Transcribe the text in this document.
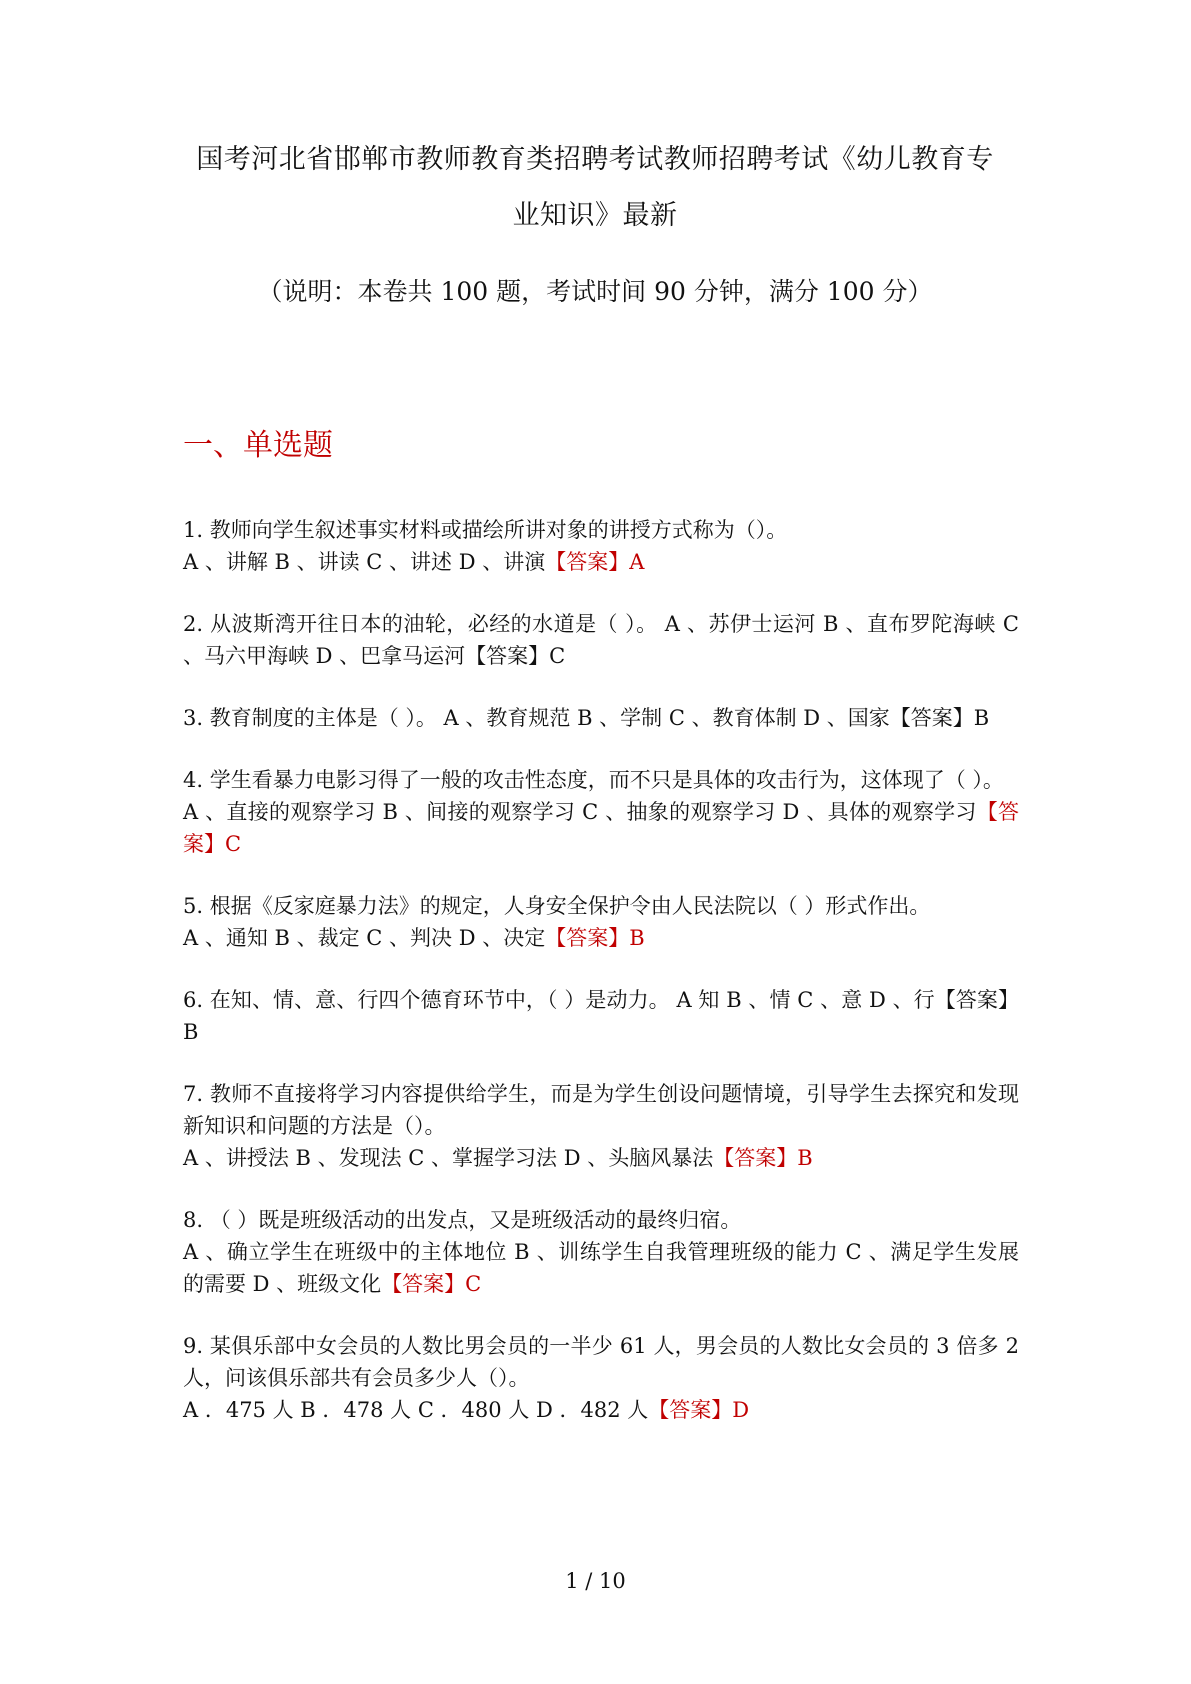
国考河北省邯郸市教师教育类招聘考试教师招聘考试《幼儿教育专
业知识》最新
（说明：本卷共 100 题，考试时间 90 分钟，满分 100 分）
一、单选题
1. 教师向学生叙述事实材料或描绘所讲对象的讲授方式称为（）。
A 、讲解 B 、讲读 C 、讲述 D 、讲演【答案】A
2. 从波斯湾开往日本的油轮，必经的水道是（ ）。 A 、苏伊士运河 B 、直布罗陀海峡 C 、马六甲海峡 D 、巴拿马运河【答案】C
3. 教育制度的主体是（ ）。 A 、教育规范 B 、学制 C 、教育体制 D 、国家【答案】B
4. 学生看暴力电影习得了一般的攻击性态度，而不只是具体的攻击行为，这体现了（ ）。
A 、直接的观察学习 B 、间接的观察学习 C 、抽象的观察学习 D 、具体的观察学习【答案】C
5. 根据《反家庭暴力法》的规定，人身安全保护令由人民法院以（ ）形式作出。
A 、通知 B 、裁定 C 、判决 D 、决定【答案】B
6. 在知、情、意、行四个德育环节中，（ ）是动力。 A 知 B 、情 C 、意 D 、行【答案】B
7. 教师不直接将学习内容提供给学生，而是为学生创设问题情境，引导学生去探究和发现新知识和问题的方法是（）。
A 、讲授法 B 、发现法 C 、掌握学习法 D 、头脑风暴法【答案】B
8. （ ）既是班级活动的出发点，又是班级活动的最终归宿。
A 、确立学生在班级中的主体地位 B 、训练学生自我管理班级的能力 C 、满足学生发展的需要 D 、班级文化【答案】C
9. 某俱乐部中女会员的人数比男会员的一半少 61 人，男会员的人数比女会员的 3 倍多 2 人，问该俱乐部共有会员多少人（）。
A ．475 人 B ．478 人 C ．480 人 D ．482 人【答案】D
1 / 10
